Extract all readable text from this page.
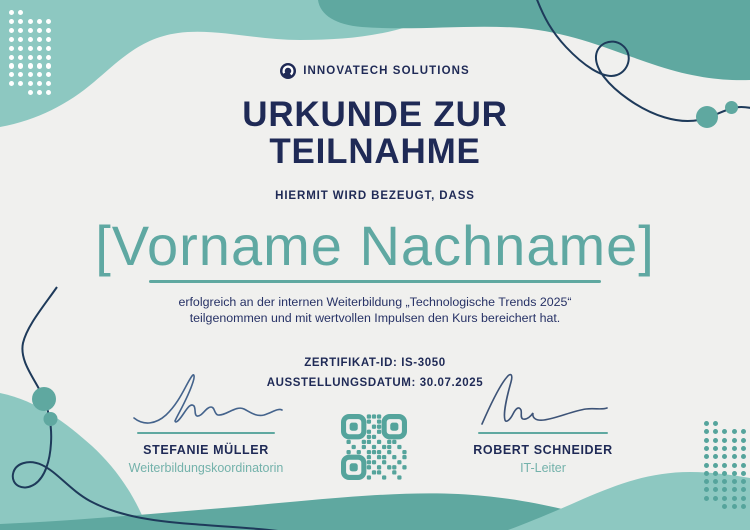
INNOVATECH SOLUTIONS
URKUNDE ZUR
TEILNAHME
HIERMIT WIRD BEZEUGT, DASS
[Vorname Nachname]
erfolgreich an der internen Weiterbildung „Technologische Trends 2025“ teilgenommen und mit wertvollen Impulsen den Kurs bereichert hat.
ZERTIFIKAT-ID: IS-3050
AUSSTELLUNGSDATUM: 30.07.2025
STEFANIE MÜLLER
Weiterbildungskoordinatorin
ROBERT SCHNEIDER
IT-Leiter
